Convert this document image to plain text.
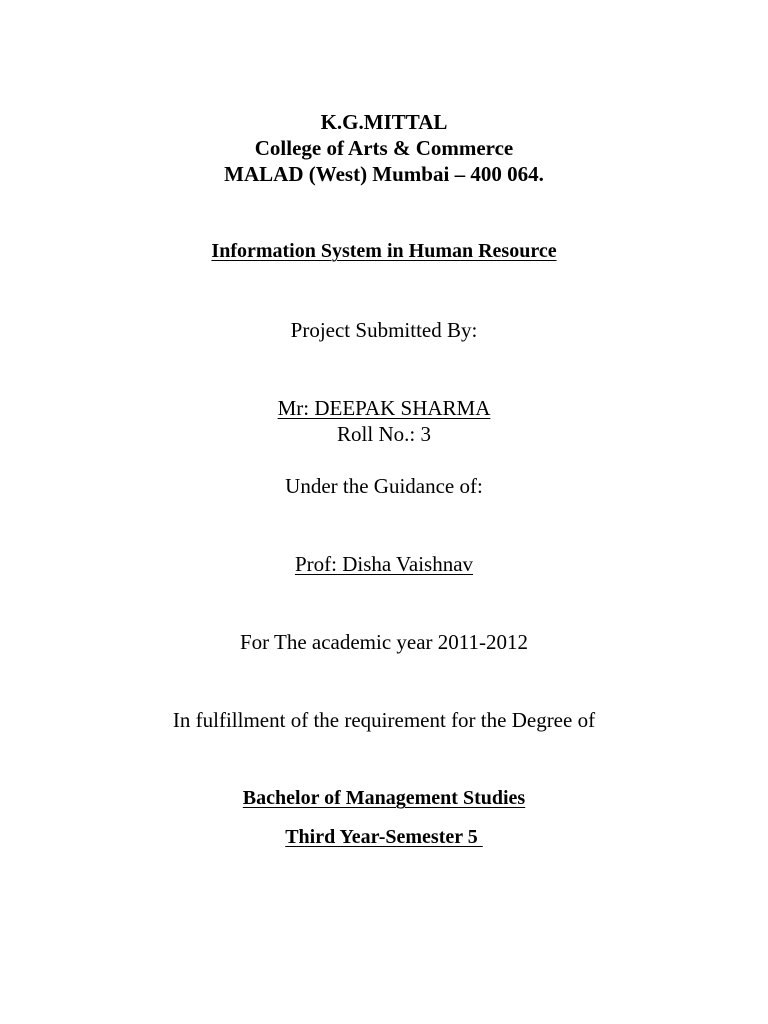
K.G.MITTAL
College of Arts & Commerce
MALAD (West) Mumbai – 400 064.
Information System in Human Resource
Project Submitted By:
Mr: DEEPAK SHARMA
Roll No.: 3
Under the Guidance of:
Prof: Disha Vaishnav
For The academic year 2011-2012
In fulfillment of the requirement for the Degree of
Bachelor of Management Studies
Third Year-Semester 5
